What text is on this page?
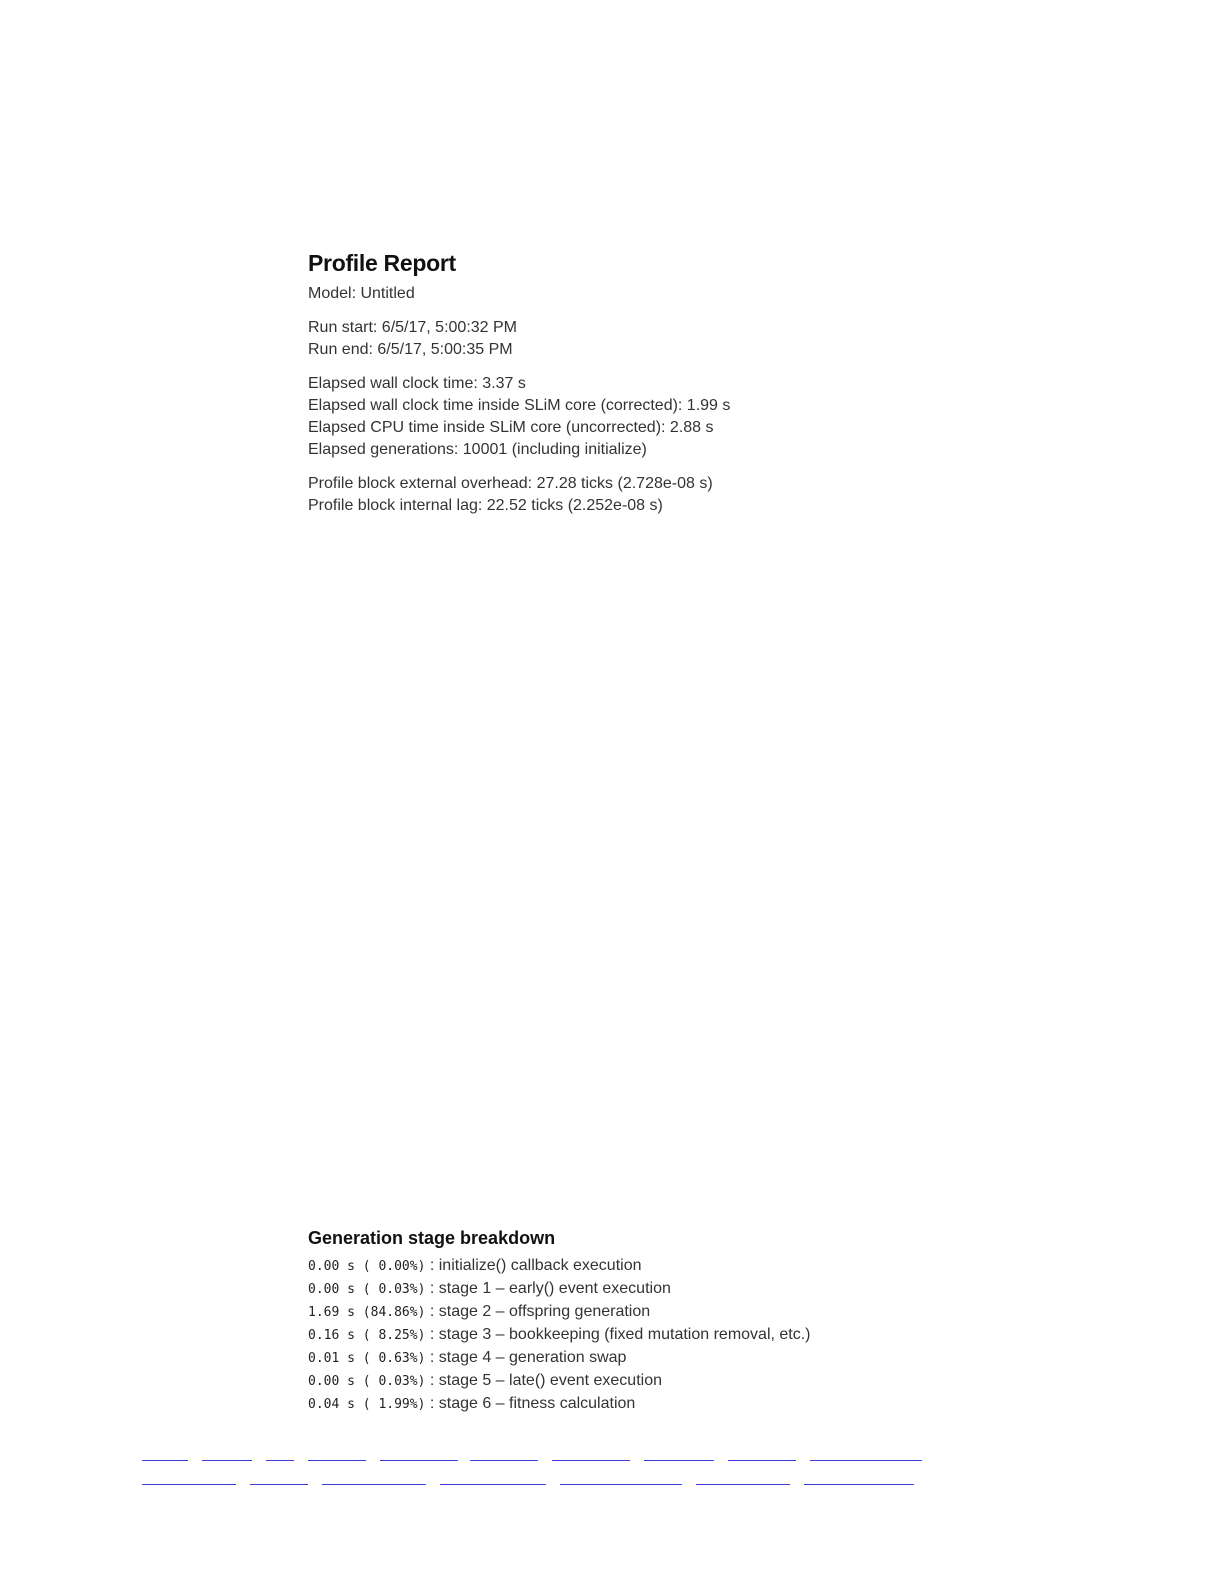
Profile Report
Model: Untitled
Run start: 6/5/17, 5:00:32 PM
Run end: 6/5/17, 5:00:35 PM
Elapsed wall clock time: 3.37 s
Elapsed wall clock time inside SLiM core (corrected): 1.99 s
Elapsed CPU time inside SLiM core (uncorrected): 2.88 s
Elapsed generations: 10001 (including initialize)
Profile block external overhead: 27.28 ticks (2.728e-08 s)
Profile block internal lag: 22.52 ticks (2.252e-08 s)
Generation stage breakdown
0.00 s ( 0.00%) : initialize() callback execution
0.00 s ( 0.03%) : stage 1 – early() event execution
1.69 s (84.86%) : stage 2 – offspring generation
0.16 s ( 8.25%) : stage 3 – bookkeeping (fixed mutation removal, etc.)
0.01 s ( 0.63%) : stage 4 – generation swap
0.00 s ( 0.03%) : stage 5 – late() event execution
0.04 s ( 1.99%) : stage 6 – fitness calculation
